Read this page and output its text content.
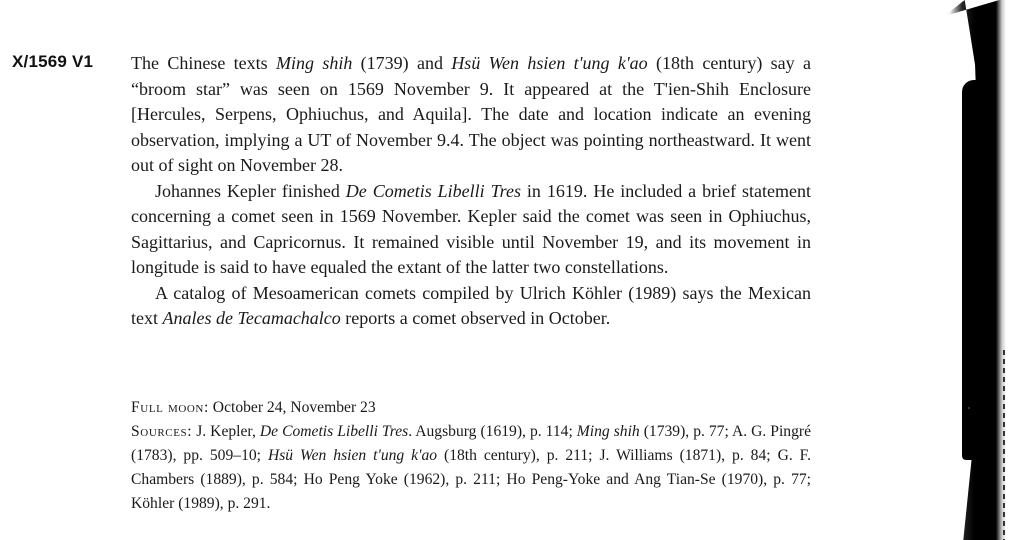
X/1569 V1 The Chinese texts Ming shih (1739) and Hsü Wen hsien t'ung k'ao (18th century) say a “broom star” was seen on 1569 November 9. It appeared at the T'ien-Shih Enclosure [Hercules, Serpens, Ophiuchus, and Aquila]. The date and location indicate an evening observation, implying a UT of November 9.4. The object was pointing northeastward. It went out of sight on November 28.

Johannes Kepler finished De Cometis Libelli Tres in 1619. He included a brief statement concerning a comet seen in 1569 November. Kepler said the comet was seen in Ophiuchus, Sagittarius, and Capricornus. It remained visible until November 19, and its movement in longitude is said to have equaled the extant of the latter two constellations.

A catalog of Mesoamerican comets compiled by Ulrich Köhler (1989) says the Mexican text Anales de Tecamachalco reports a comet observed in October.

Full moon: October 24, November 23

Sources: J. Kepler, De Cometis Libelli Tres. Augsburg (1619), p. 114; Ming shih (1739), p. 77; A. G. Pingré (1783), pp. 509–10; Hsü Wen hsien t'ung k'ao (18th century), p. 211; J. Williams (1871), p. 84; G. F. Chambers (1889), p. 584; Ho Peng Yoke (1962), p. 211; Ho Peng-Yoke and Ang Tian-Se (1970), p. 77; Köhler (1989), p. 291.
